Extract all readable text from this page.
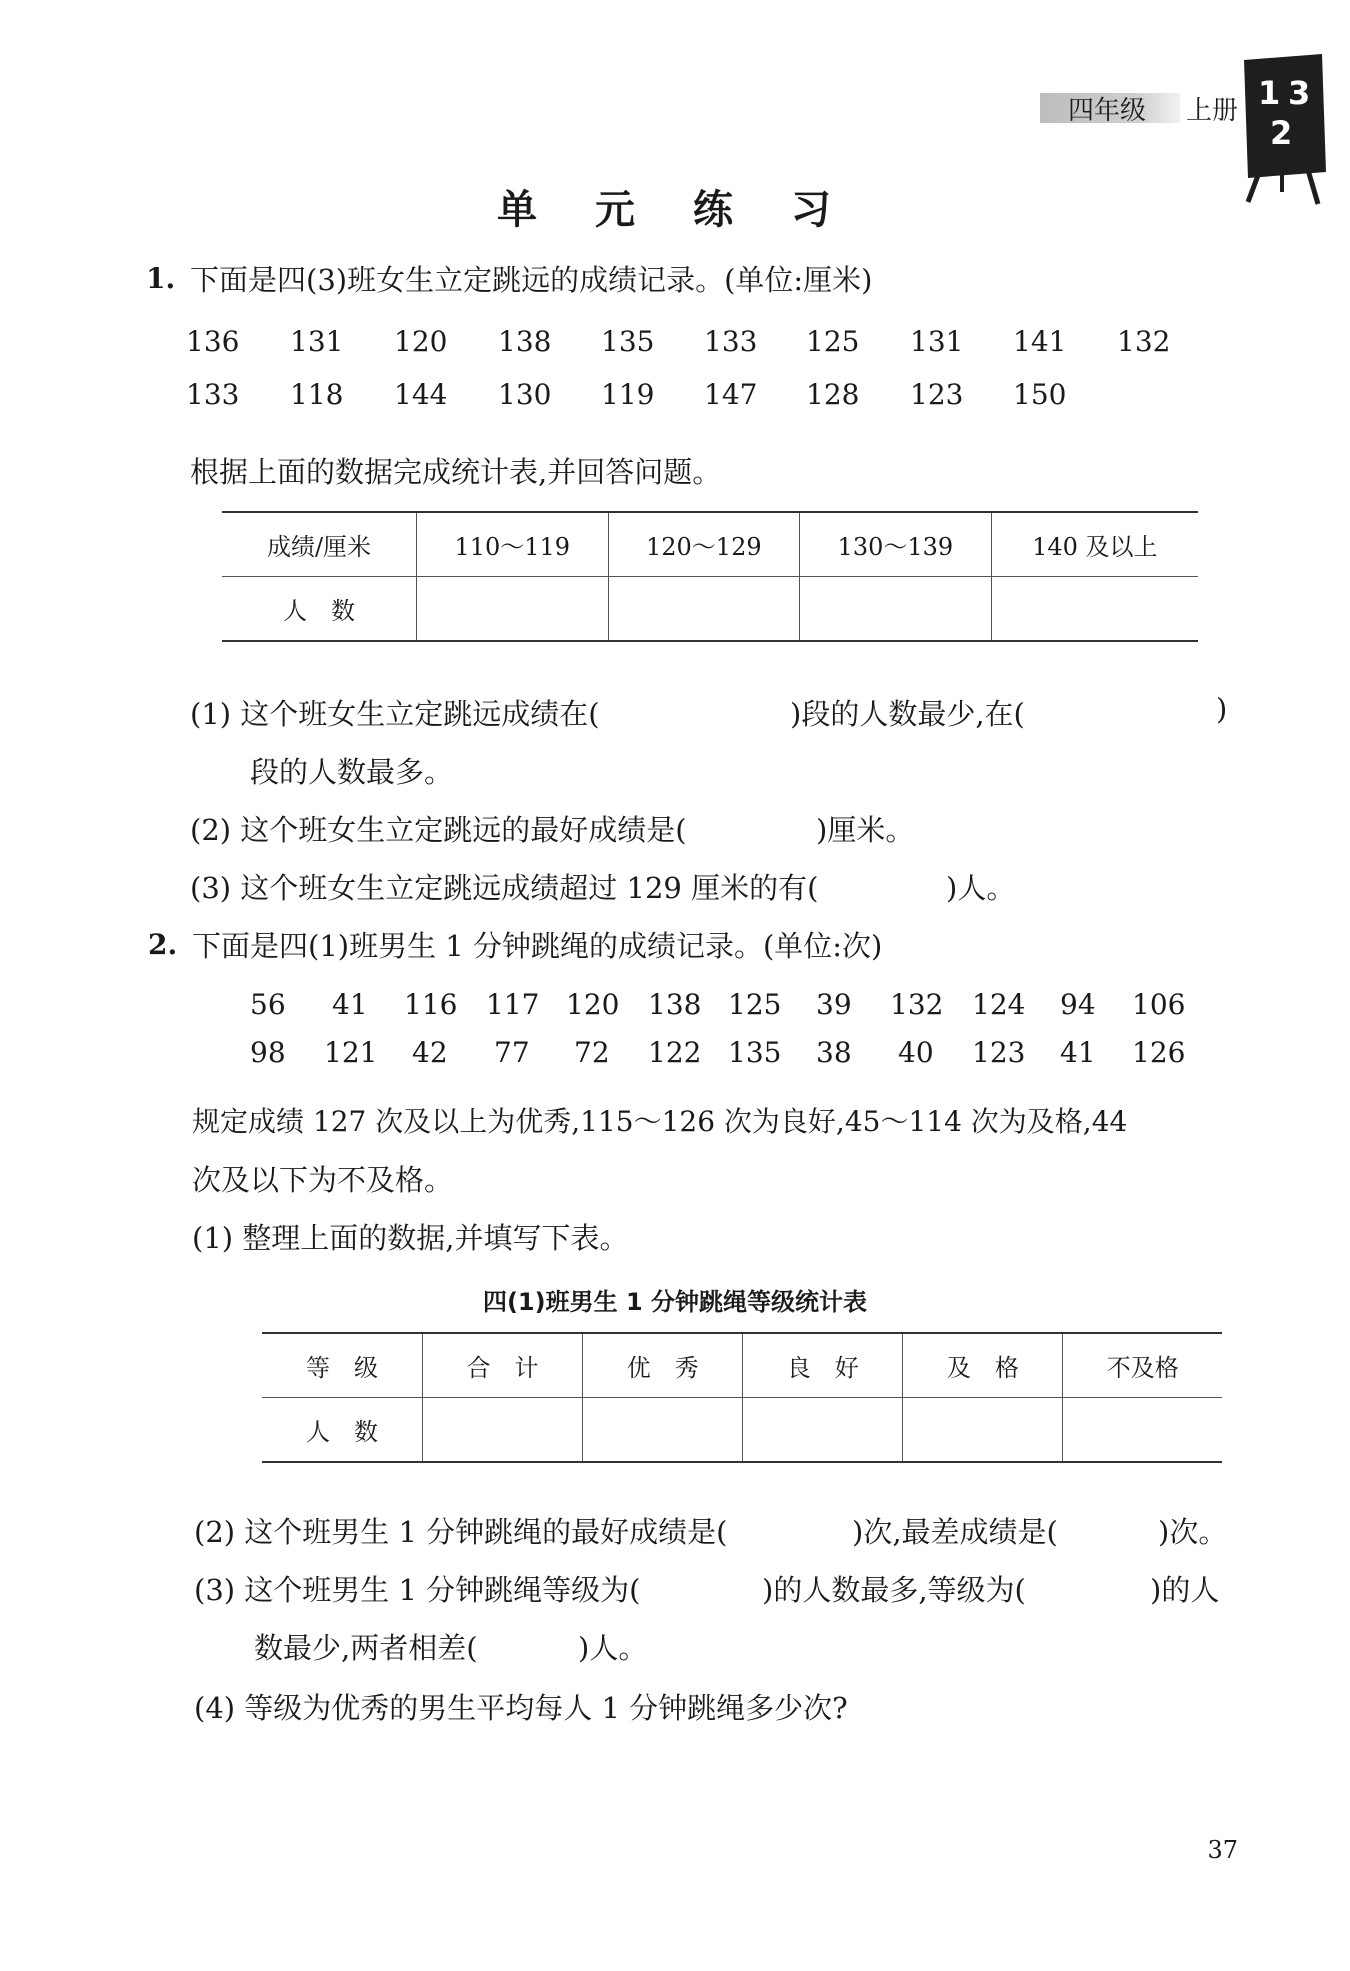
四年级 上册 1 3
2
单 元 练 习
1. 下面是四(3)班女生立定跳远的成绩记录。(单位:厘米)
136 131 120 138 135 133 125 131 141 132
133 118 144 130 119 147 128 123 150
根据上面的数据完成统计表,并回答问题。
成绩/厘米	110～119	120～129	130～139	140 及以上
人　数				
(1) 这个班女生立定跳远成绩在(	)段的人数最少,在(	)
段的人数最多。
(2) 这个班女生立定跳远的最好成绩是(	)厘米。
(3) 这个班女生立定跳远成绩超过 129 厘米的有(	)人。
2. 下面是四(1)班男生 1 分钟跳绳的成绩记录。(单位:次)
56 41 116 117 120 138 125 39 132 124 94 106
98 121 42 77 72 122 135 38 40 123 41 126
规定成绩 127 次及以上为优秀,115～126 次为良好,45～114 次为及格,44
次及以下为不及格。
(1) 整理上面的数据,并填写下表。
四(1)班男生 1 分钟跳绳等级统计表
等　级	合　计	优　秀	良　好	及　格	不及格
人　数					
(2) 这个班男生 1 分钟跳绳的最好成绩是(	)次,最差成绩是(	)次。
(3) 这个班男生 1 分钟跳绳等级为(	)的人数最多,等级为(	)的人
数最少,两者相差(	)人。
(4) 等级为优秀的男生平均每人 1 分钟跳绳多少次?
37
